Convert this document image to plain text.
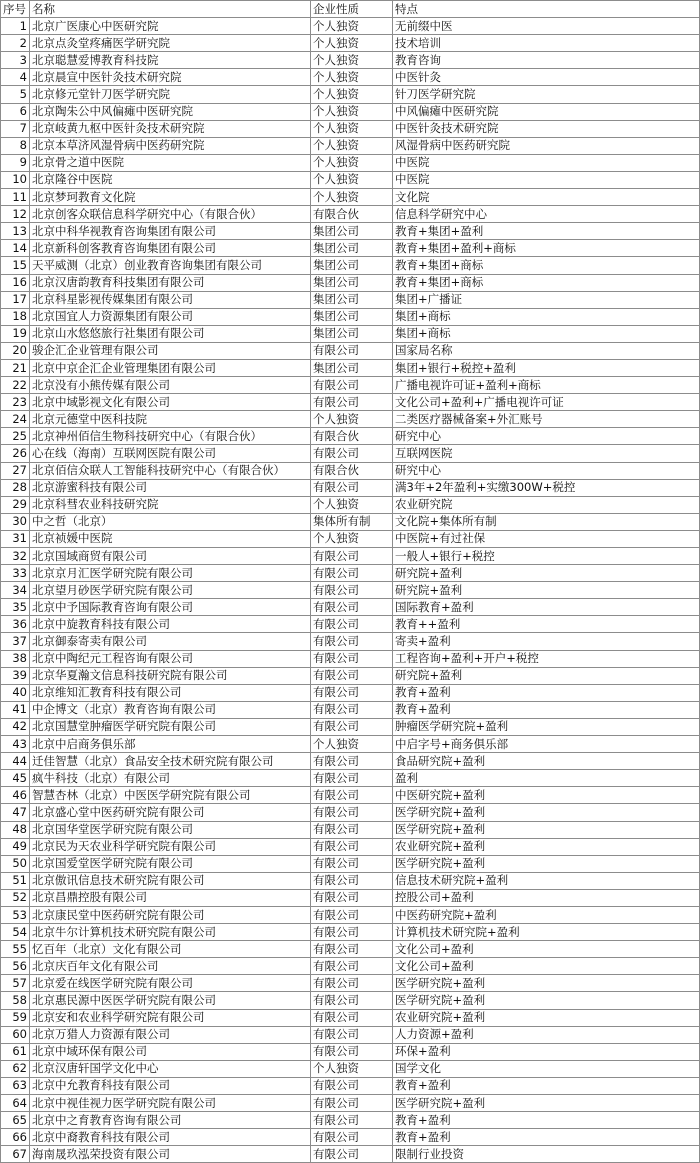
序号	名称	企业性质	特点
1	北京广医康心中医研究院	个人独资	无前缀中医
2	北京点灸堂疼痛医学研究院	个人独资	技术培训
3	北京聪慧爱博教育科技院	个人独资	教育咨询
4	北京晨宣中医针灸技术研究院	个人独资	中医针灸
5	北京修元堂针刀医学研究院	个人独资	针刀医学研究院
6	北京陶朱公中风偏瘫中医研究院	个人独资	中风偏瘫中医研究院
7	北京岐黄九枢中医针灸技术研究院	个人独资	中医针灸技术研究院
8	北京本草济风湿骨病中医药研究院	个人独资	风湿骨病中医药研究院
9	北京骨之道中医院	个人独资	中医院
10	北京隆谷中医院	个人独资	中医院
11	北京梦珂教育文化院	个人独资	文化院
12	北京创客众联信息科学研究中心（有限合伙）	有限合伙	信息科学研究中心
13	北京中科华视教育咨询集团有限公司	集团公司	教育+集团+盈利
14	北京新科创客教育咨询集团有限公司	集团公司	教育+集团+盈利+商标
15	天平威测（北京）创业教育咨询集团有限公司	集团公司	教育+集团+商标
16	北京汉唐韵教育科技集团有限公司	集团公司	教育+集团+商标
17	北京科星影视传媒集团有限公司	集团公司	集团+广播证
18	北京国宜人力资源集团有限公司	集团公司	集团+商标
19	北京山水悠悠旅行社集团有限公司	集团公司	集团+商标
20	骏企汇企业管理有限公司	有限公司	国家局名称
21	北京中京企汇企业管理集团有限公司	集团公司	集团+银行+税控+盈利
22	北京没有小熊传媒有限公司	有限公司	广播电视许可证+盈利+商标
23	北京中域影视文化有限公司	有限公司	文化公司+盈利+广播电视许可证
24	北京元德堂中医科技院	个人独资	二类医疗器械备案+外汇账号
25	北京神州佰信生物科技研究中心（有限合伙）	有限合伙	研究中心
26	心在线（海南）互联网医院有限公司	有限公司	互联网医院
27	北京佰信众联人工智能科技研究中心（有限合伙）	有限合伙	研究中心
28	北京游蜜科技有限公司	有限公司	满3年+2年盈利+实缴300W+税控
29	北京科彗农业科技研究院	个人独资	农业研究院
30	中之哲（北京）	集体所有制	文化院+集体所有制
31	北京祯媛中医院	个人独资	中医院+有过社保
32	北京国域商贸有限公司	有限公司	一般人+银行+税控
33	北京京月汇医学研究院有限公司	有限公司	研究院+盈利
34	北京望月砂医学研究院有限公司	有限公司	研究院+盈利
35	北京中予国际教育咨询有限公司	有限公司	国际教育+盈利
36	北京中旋教育科技有限公司	有限公司	教育++盈利
37	北京御泰寄卖有限公司	有限公司	寄卖+盈利
38	北京中陶纪元工程咨询有限公司	有限公司	工程咨询+盈利+开户+税控
39	北京华夏瀚文信息科技研究院有限公司	有限公司	研究院+盈利
40	北京维知汇教育科技有限公司	有限公司	教育+盈利
41	中企博文（北京）教育咨询有限公司	有限公司	教育+盈利
42	北京国慧堂肿瘤医学研究院有限公司	有限公司	肿瘤医学研究院+盈利
43	北京中启商务俱乐部	个人独资	中启字号+商务俱乐部
44	迁佳智慧（北京）食品安全技术研究院有限公司	有限公司	食品研究院+盈利
45	疯牛科技（北京）有限公司	有限公司	盈利
46	智慧杏林（北京）中医医学研究院有限公司	有限公司	中医研究院+盈利
47	北京盛心堂中医药研究院有限公司	有限公司	医学研究院+盈利
48	北京国华堂医学研究院有限公司	有限公司	医学研究院+盈利
49	北京民为天农业科学研究院有限公司	有限公司	农业研究院+盈利
50	北京国爱堂医学研究院有限公司	有限公司	医学研究院+盈利
51	北京傲讯信息技术研究院有限公司	有限公司	信息技术研究院+盈利
52	北京昌鼎控股有限公司	有限公司	控股公司+盈利
53	北京康民堂中医药研究院有限公司	有限公司	中医药研究院+盈利
54	北京牛尔计算机技术研究院有限公司	有限公司	计算机技术研究院+盈利
55	忆百年（北京）文化有限公司	有限公司	文化公司+盈利
56	北京庆百年文化有限公司	有限公司	文化公司+盈利
57	北京爱在线医学研究院有限公司	有限公司	医学研究院+盈利
58	北京惠民源中医医学研究院有限公司	有限公司	医学研究院+盈利
59	北京安和农业科学研究院有限公司	有限公司	农业研究院+盈利
60	北京万猎人力资源有限公司	有限公司	人力资源+盈利
61	北京中域环保有限公司	有限公司	环保+盈利
62	北京汉唐轩国学文化中心	个人独资	国学文化
63	北京中允教育科技有限公司	有限公司	教育+盈利
64	北京中视佳视力医学研究院有限公司	有限公司	医学研究院+盈利
65	北京中之育教育咨询有限公司	有限公司	教育+盈利
66	北京中裔教育科技有限公司	有限公司	教育+盈利
67	海南晟玖泓荣投资有限公司	有限公司	限制行业投资
